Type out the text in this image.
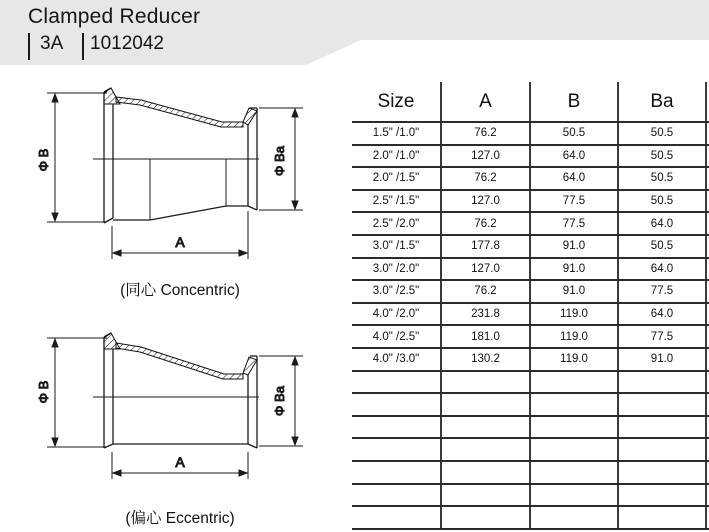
Clamped Reducer
3A 1012042
Φ B	Φ Ba
A
(同心 Concentric)
Φ B	Φ Ba
A
(偏心 Eccentric)
Size	A	B	Ba	
1.5" /1.0"	76.2	50.5	50.5	
2.0" /1.0"	127.0	64.0	50.5	
2.0" /1.5"	76.2	64.0	50.5	
2.5" /1.5"	127.0	77.5	50.5	
2.5" /2.0"	76.2	77.5	64.0	
3.0" /1.5"	177.8	91.0	50.5	
3.0" /2.0"	127.0	91.0	64.0	
3.0" /2.5"	76.2	91.0	77.5	
4.0" /2.0"	231.8	119.0	64.0	
4.0" /2.5"	181.0	119.0	77.5	
4.0" /3.0"	130.2	119.0	91.0	
